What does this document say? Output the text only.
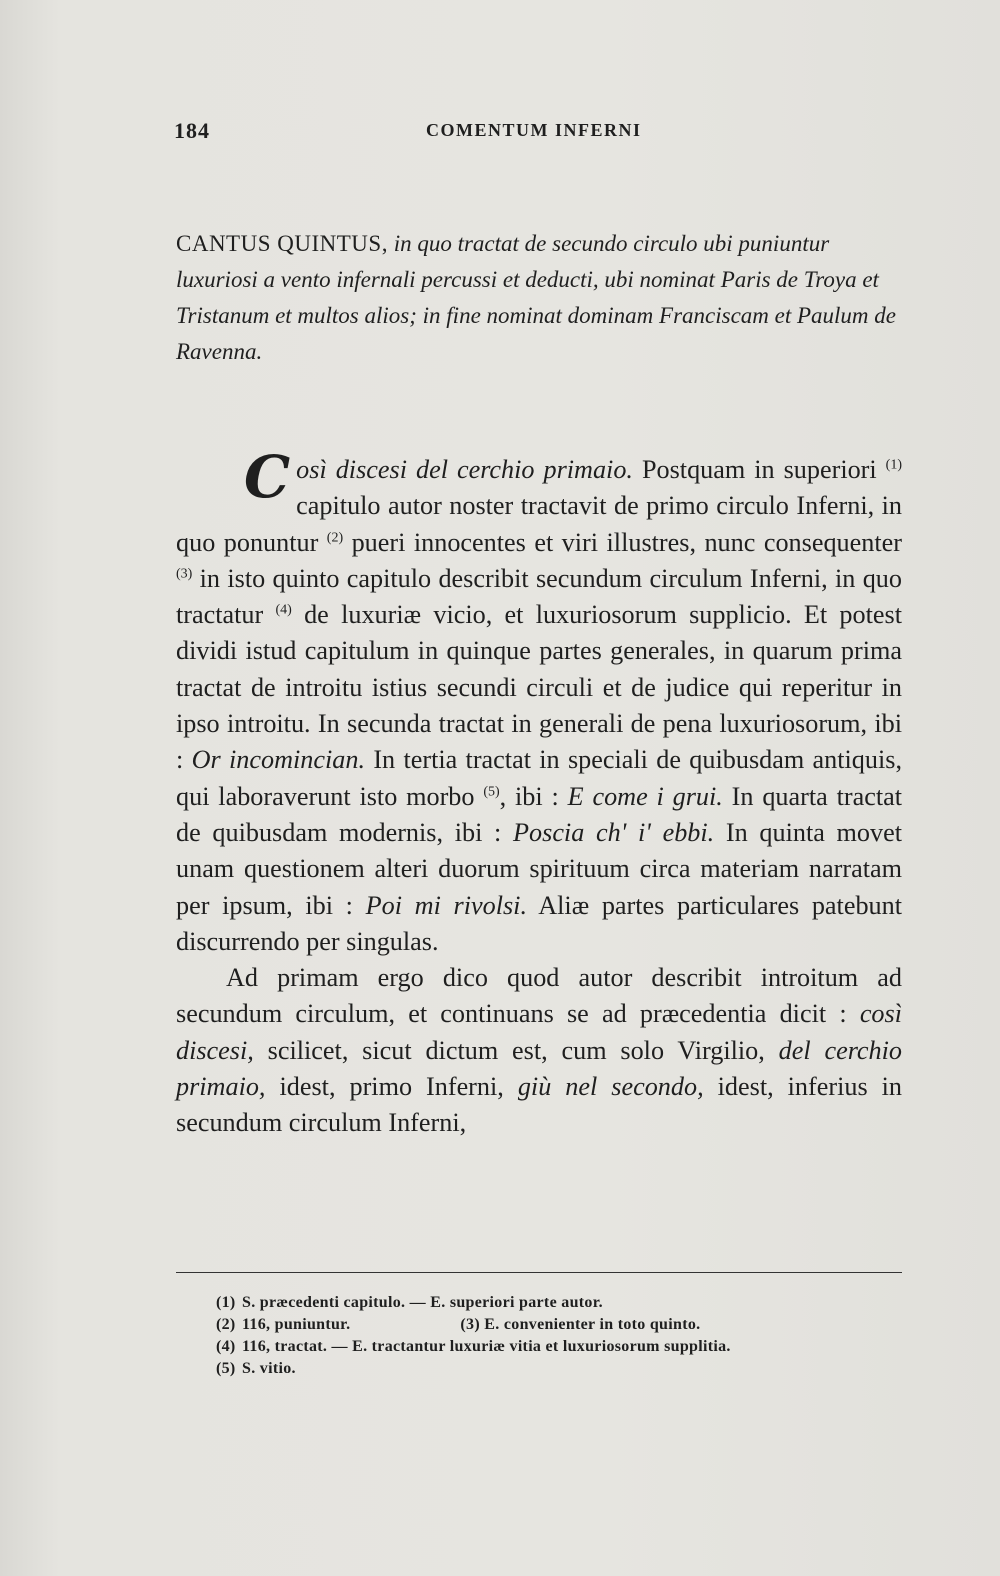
184	COMENTUM INFERNI

CANTUS QUINTUS, in quo tractat de secundo circulo ubi puniuntur luxuriosi a vento infernali percussi et deducti, ubi nominat Paris de Troya et Tristanum et multos alios; in fine nominat dominam Franciscam et Paulum de Ravenna.

Così discesi del cerchio primaio. Postquam in superiori $^{(1)}$ capitulo autor noster tractavit de primo circulo Inferni, in quo ponuntur $^{(2)}$ pueri innocentes et viri illustres, nunc consequenter $^{(3)}$ in isto quinto capitulo describit secundum circulum Inferni, in quo tractatur $^{(4)}$ de luxuriæ vicio, et luxuriosorum supplicio. Et potest dividi istud capitulum in quinque partes generales, in quarum prima tractat de introitu istius secundi circuli et de judice qui reperitur in ipso introitu. In secunda tractat in generali de pena luxuriosorum, ibi : Or incomincian. In tertia tractat in speciali de quibusdam antiquis, qui laboraverunt isto morbo $^{(5)}$, ibi : E come i grui. In quarta tractat de quibusdam modernis, ibi : Poscia ch' i' ebbi. In quinta movet unam questionem alteri duorum spirituum circa materiam narratam per ipsum, ibi : Poi mi rivolsi. Aliæ partes particulares patebunt discurrendo per singulas.

Ad primam ergo dico quod autor describit introitum ad secundum circulum, et continuans se ad præcedentia dicit : così discesi, scilicet, sicut dictum est, cum solo Virgilio, del cerchio primaio, idest, primo Inferni, giù nel secondo, idest, inferius in secundum circulum Inferni,

(1) S. præcedenti capitulo. — E. superiori parte autor.
(2) 116, puniuntur.	(3) E. convenienter in toto quinto.
(4) 116, tractat. — E. tractantur luxuriæ vitia et luxuriosorum supplitia.
(5) S. vitio.
